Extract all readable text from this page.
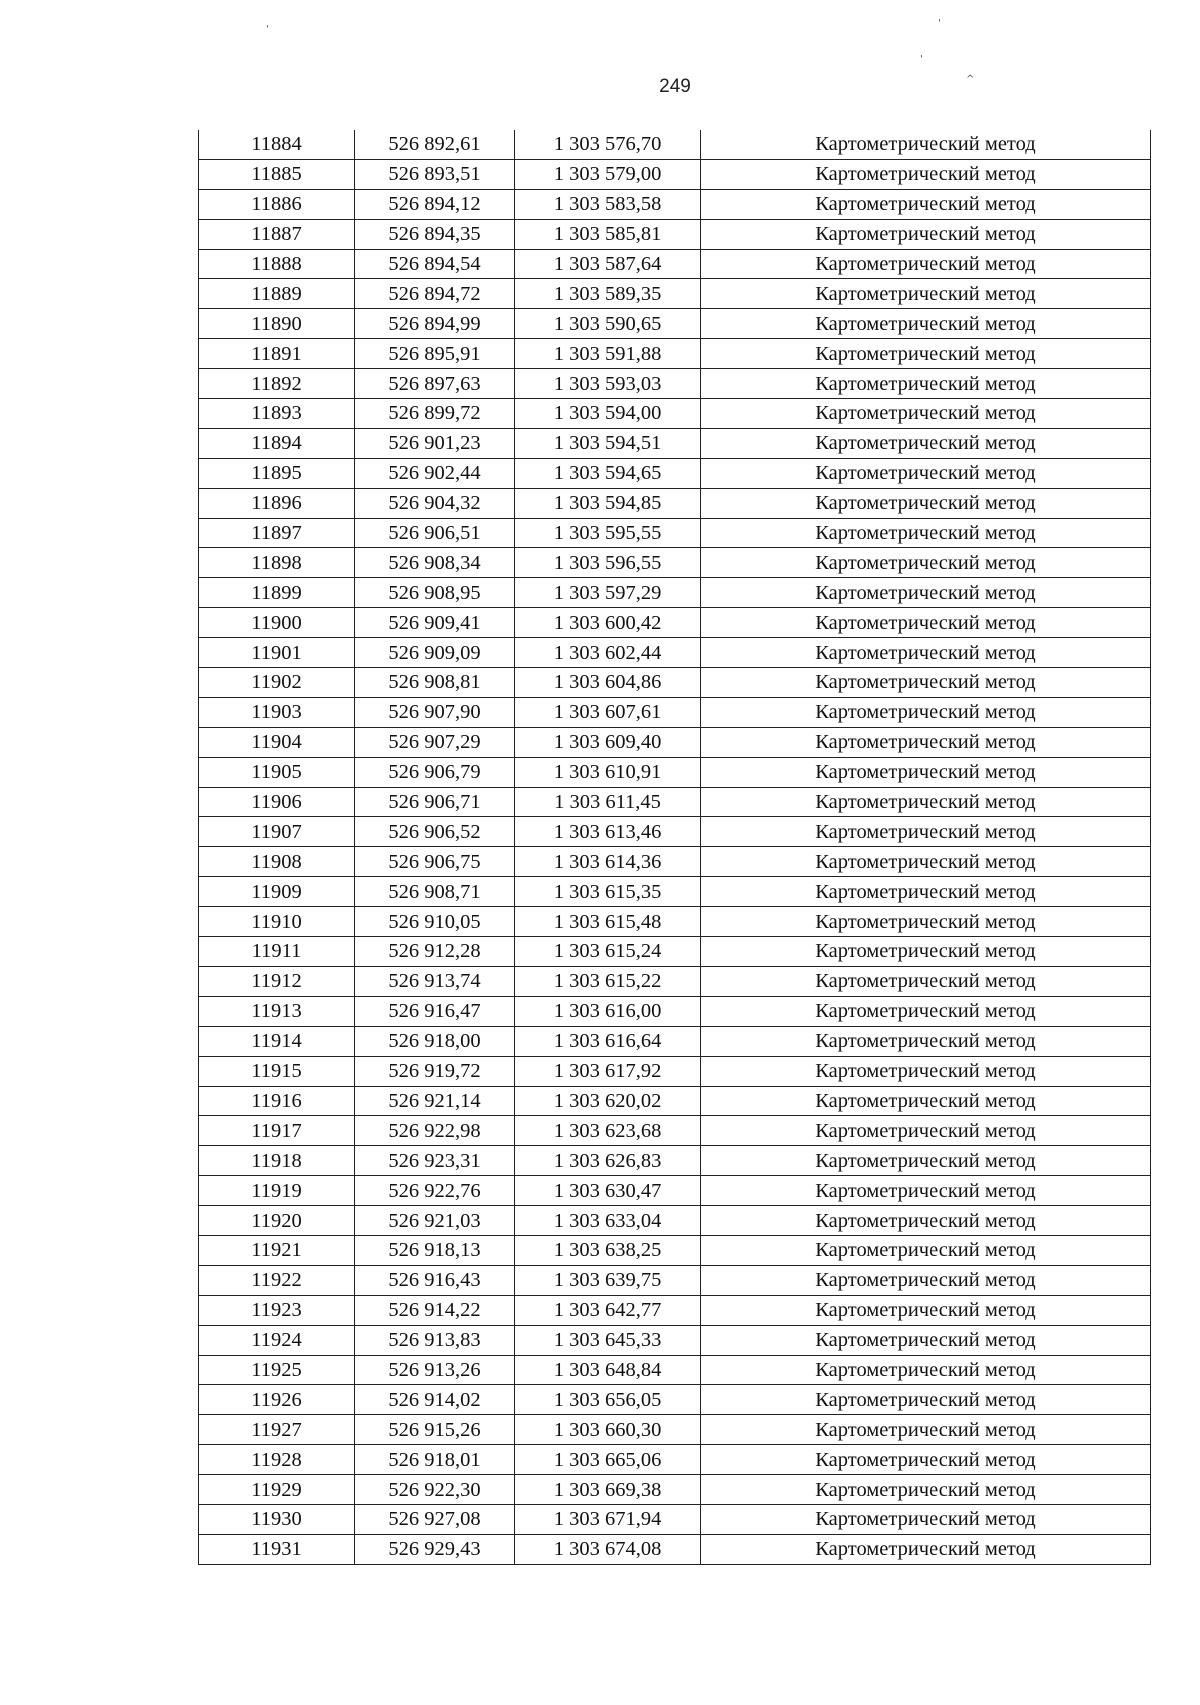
'
'
'
^
249
11884	526 892,61	1 303 576,70	Картометрический метод
11885	526 893,51	1 303 579,00	Картометрический метод
11886	526 894,12	1 303 583,58	Картометрический метод
11887	526 894,35	1 303 585,81	Картометрический метод
11888	526 894,54	1 303 587,64	Картометрический метод
11889	526 894,72	1 303 589,35	Картометрический метод
11890	526 894,99	1 303 590,65	Картометрический метод
11891	526 895,91	1 303 591,88	Картометрический метод
11892	526 897,63	1 303 593,03	Картометрический метод
11893	526 899,72	1 303 594,00	Картометрический метод
11894	526 901,23	1 303 594,51	Картометрический метод
11895	526 902,44	1 303 594,65	Картометрический метод
11896	526 904,32	1 303 594,85	Картометрический метод
11897	526 906,51	1 303 595,55	Картометрический метод
11898	526 908,34	1 303 596,55	Картометрический метод
11899	526 908,95	1 303 597,29	Картометрический метод
11900	526 909,41	1 303 600,42	Картометрический метод
11901	526 909,09	1 303 602,44	Картометрический метод
11902	526 908,81	1 303 604,86	Картометрический метод
11903	526 907,90	1 303 607,61	Картометрический метод
11904	526 907,29	1 303 609,40	Картометрический метод
11905	526 906,79	1 303 610,91	Картометрический метод
11906	526 906,71	1 303 611,45	Картометрический метод
11907	526 906,52	1 303 613,46	Картометрический метод
11908	526 906,75	1 303 614,36	Картометрический метод
11909	526 908,71	1 303 615,35	Картометрический метод
11910	526 910,05	1 303 615,48	Картометрический метод
11911	526 912,28	1 303 615,24	Картометрический метод
11912	526 913,74	1 303 615,22	Картометрический метод
11913	526 916,47	1 303 616,00	Картометрический метод
11914	526 918,00	1 303 616,64	Картометрический метод
11915	526 919,72	1 303 617,92	Картометрический метод
11916	526 921,14	1 303 620,02	Картометрический метод
11917	526 922,98	1 303 623,68	Картометрический метод
11918	526 923,31	1 303 626,83	Картометрический метод
11919	526 922,76	1 303 630,47	Картометрический метод
11920	526 921,03	1 303 633,04	Картометрический метод
11921	526 918,13	1 303 638,25	Картометрический метод
11922	526 916,43	1 303 639,75	Картометрический метод
11923	526 914,22	1 303 642,77	Картометрический метод
11924	526 913,83	1 303 645,33	Картометрический метод
11925	526 913,26	1 303 648,84	Картометрический метод
11926	526 914,02	1 303 656,05	Картометрический метод
11927	526 915,26	1 303 660,30	Картометрический метод
11928	526 918,01	1 303 665,06	Картометрический метод
11929	526 922,30	1 303 669,38	Картометрический метод
11930	526 927,08	1 303 671,94	Картометрический метод
11931	526 929,43	1 303 674,08	Картометрический метод
